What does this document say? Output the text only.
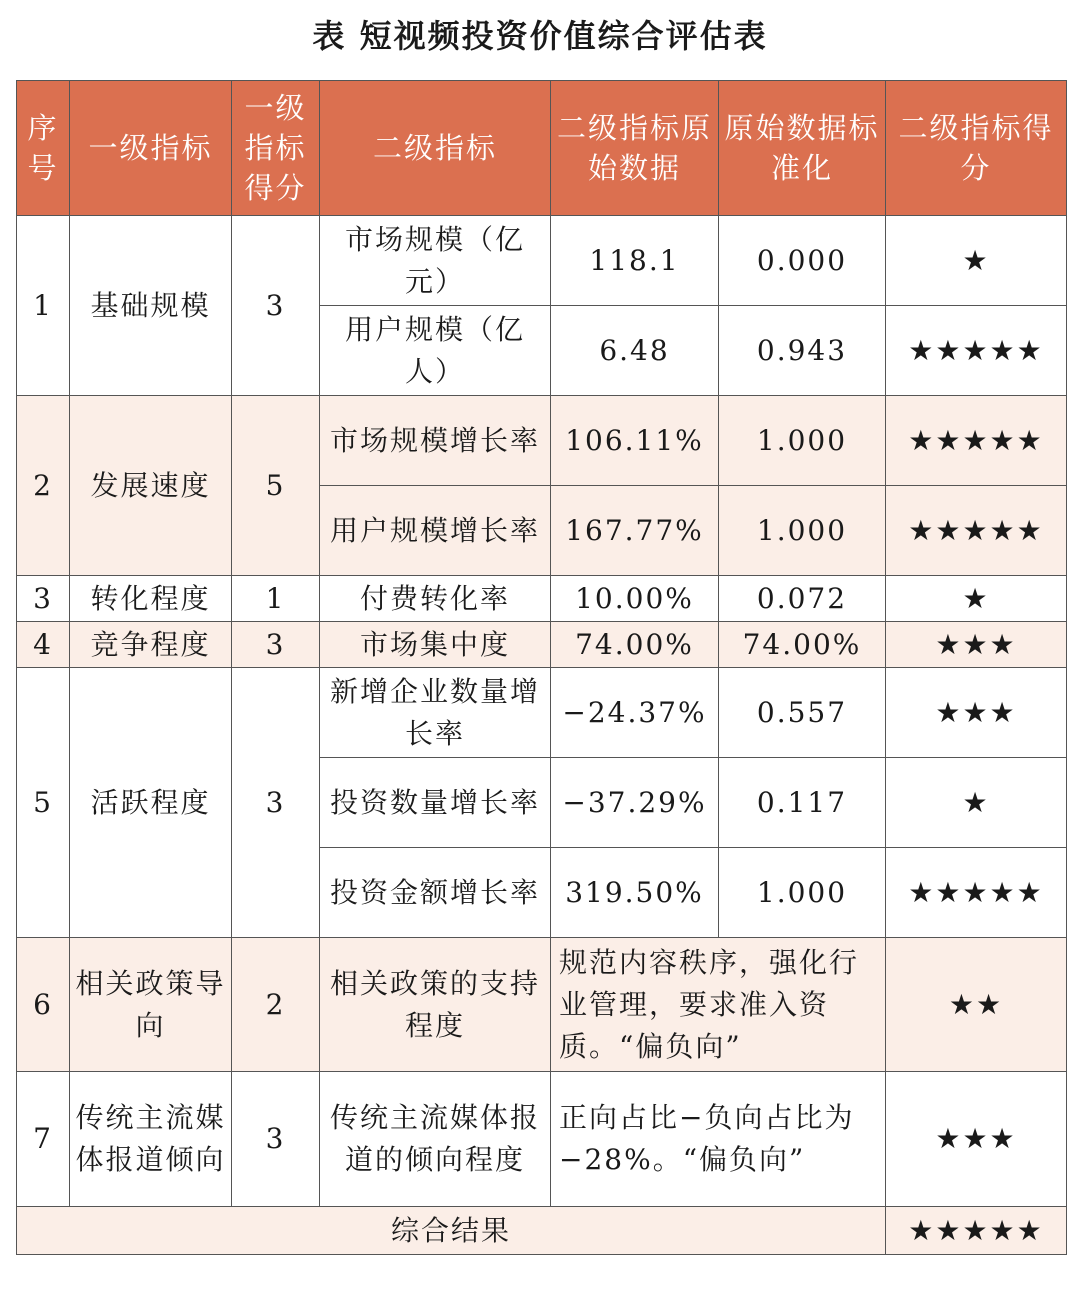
表 短视频投资价值综合评估表
序号	一级指标	一级指标得分	二级指标	二级指标原始数据	原始数据标准化	二级指标得分
1	基础规模	3	市场规模（亿元）	118.1	0.000	★
			用户规模（亿人）	6.48	0.943	★★★★★
2	发展速度	5	市场规模增长率	106.11%	1.000	★★★★★
			用户规模增长率	167.77%	1.000	★★★★★
3	转化程度	1	付费转化率	10.00%	0.072	★
4	竞争程度	3	市场集中度	74.00%	74.00%	★★★
5	活跃程度	3	新增企业数量增长率	−24.37%	0.557	★★★
			投资数量增长率	−37.29%	0.117	★
			投资金额增长率	319.50%	1.000	★★★★★
6	相关政策导向	2	相关政策的支持程度	规范内容秩序，强化行业管理，要求准入资质。“偏负向”		★★
7	传统主流媒体报道倾向	3	传统主流媒体报道的倾向程度	正向占比−负向占比为−28%。“偏负向”		★★★
综合结果						★★★★★
